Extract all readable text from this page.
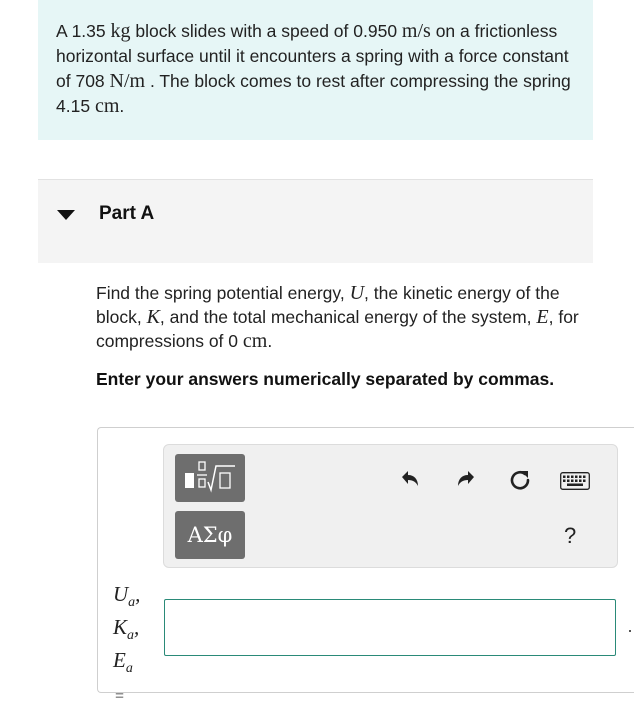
A 1.35 kg block slides with a speed of 0.950 m/s on a frictionless horizontal surface until it encounters a spring with a force constant of 708 N/m . The block comes to rest after compressing the spring 4.15 cm.
Part A
Find the spring potential energy, U, the kinetic energy of the block, K, and the total mechanical energy of the system, E, for compressions of 0 cm.
Enter your answers numerically separated by commas.
ΑΣφ	?
$U_a$,
$K_a$,
$E_a$
=
